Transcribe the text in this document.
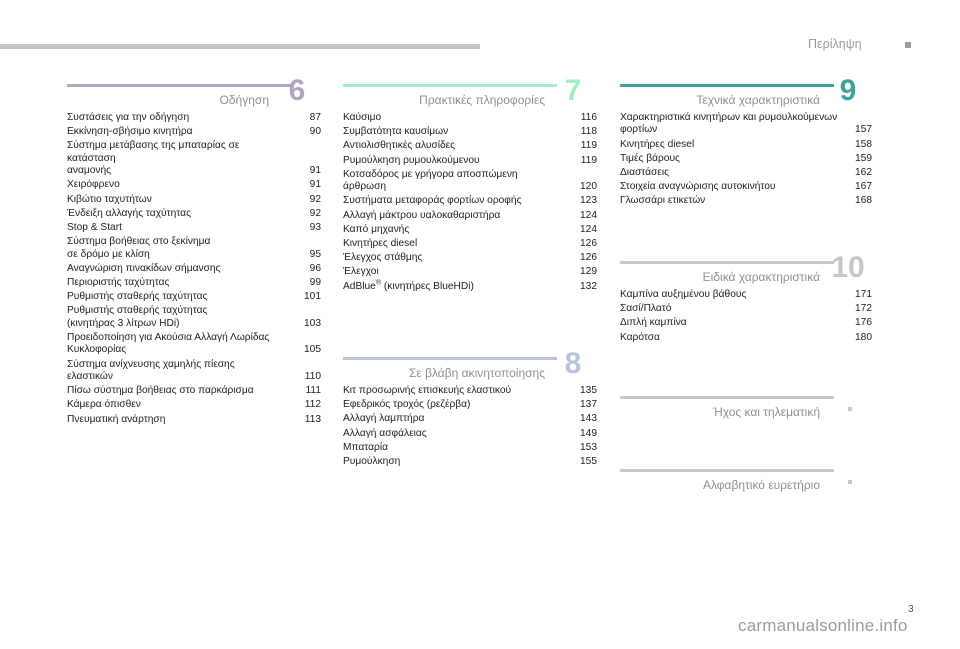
Περίληψη
Οδήγηση 6
Συστάσεις για την οδήγηση	87
Εκκίνηση-σβήσιμο κινητήρα	90
Σύστημα μετάβασης της μπαταρίας σε κατάσταση
αναμονής	91
Χειρόφρενο	91
Κιβώτιο ταχυτήτων	92
Ένδειξη αλλαγής ταχύτητας	92
Stop & Start	93
Σύστημα βοήθειας στο ξεκίνημα
σε δρόμο με κλίση	95
Αναγνώριση πινακίδων σήμανσης	96
Περιοριστής ταχύτητας	99
Ρυθμιστής σταθερής ταχύτητας	101
Ρυθμιστής σταθερής ταχύτητας
(κινητήρας 3 λίτρων HDi)	103
Προειδοποίηση για Ακούσια Αλλαγή Λωρίδας
Κυκλοφορίας	105
Σύστημα ανίχνευσης χαμηλής πίεσης
ελαστικών	110
Πίσω σύστημα βοήθειας στο παρκάρισμα	111
Κάμερα όπισθεν	112
Πνευματική ανάρτηση	113
Πρακτικές πληροφορίες 7
Καύσιμο	116
Συμβατότητα καυσίμων	118
Αντιολισθητικές αλυσίδες	119
Ρυμούλκηση ρυμουλκούμενου	119
Κοτσαδόρος με γρήγορα αποσπώμενη
άρθρωση	120
Συστήματα μεταφοράς φορτίων οροφής	123
Αλλαγή μάκτρου υαλοκαθαριστήρα	124
Καπό μηχανής	124
Κινητήρες diesel	126
Έλεγχος στάθμης	126
Έλεγχοι	129
AdBlue® (κινητήρες BlueHDi)	132
Σε βλάβη ακινητοποίησης 8
Κιτ προσωρινής επισκευής ελαστικού	135
Εφεδρικός τροχός (ρεζέρβα)	137
Αλλαγή λαμπτήρα	143
Αλλαγή ασφάλειας	149
Μπαταρία	153
Ρυμούλκηση	155
Τεχνικά χαρακτηριστικά 9
Χαρακτηριστικά κινητήρων και ρυμουλκούμενων
φορτίων	157
Κινητήρες diesel	158
Τιμές βάρους	159
Διαστάσεις	162
Στοιχεία αναγνώρισης αυτοκινήτου	167
Γλωσσάρι ετικετών	168
Ειδικά χαρακτηριστικά 10
Καμπίνα αυξημένου βάθους	171
Σασί/Πλατό	172
Διπλή καμπίνα	176
Καρότσα	180
Ήχος και τηλεματική
Αλφαβητικό ευρετήριο
3
carmanualsonline.info
